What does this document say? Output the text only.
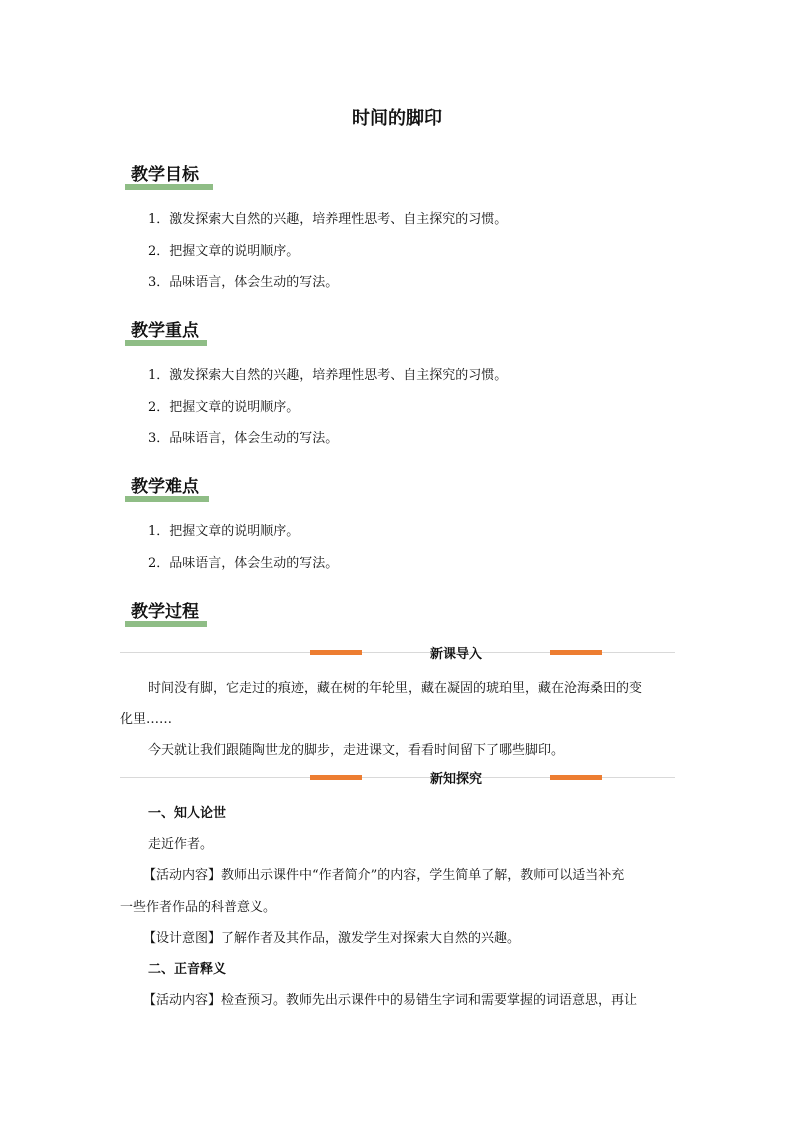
时间的脚印
教学目标
1．激发探索大自然的兴趣，培养理性思考、自主探究的习惯。
2．把握文章的说明顺序。
3．品味语言，体会生动的写法。
教学重点
1．激发探索大自然的兴趣，培养理性思考、自主探究的习惯。
2．把握文章的说明顺序。
3．品味语言，体会生动的写法。
教学难点
1．把握文章的说明顺序。
2．品味语言，体会生动的写法。
教学过程
新课导入
时间没有脚，它走过的痕迹，藏在树的年轮里，藏在凝固的琥珀里，藏在沧海桑田的变
化里……
今天就让我们跟随陶世龙的脚步，走进课文，看看时间留下了哪些脚印。
新知探究
一、知人论世
走近作者。
【活动内容】教师出示课件中“作者简介”的内容，学生简单了解，教师可以适当补充
一些作者作品的科普意义。
【设计意图】了解作者及其作品，激发学生对探索大自然的兴趣。
二、正音释义
【活动内容】检查预习。教师先出示课件中的易错生字词和需要掌握的词语意思，再让
